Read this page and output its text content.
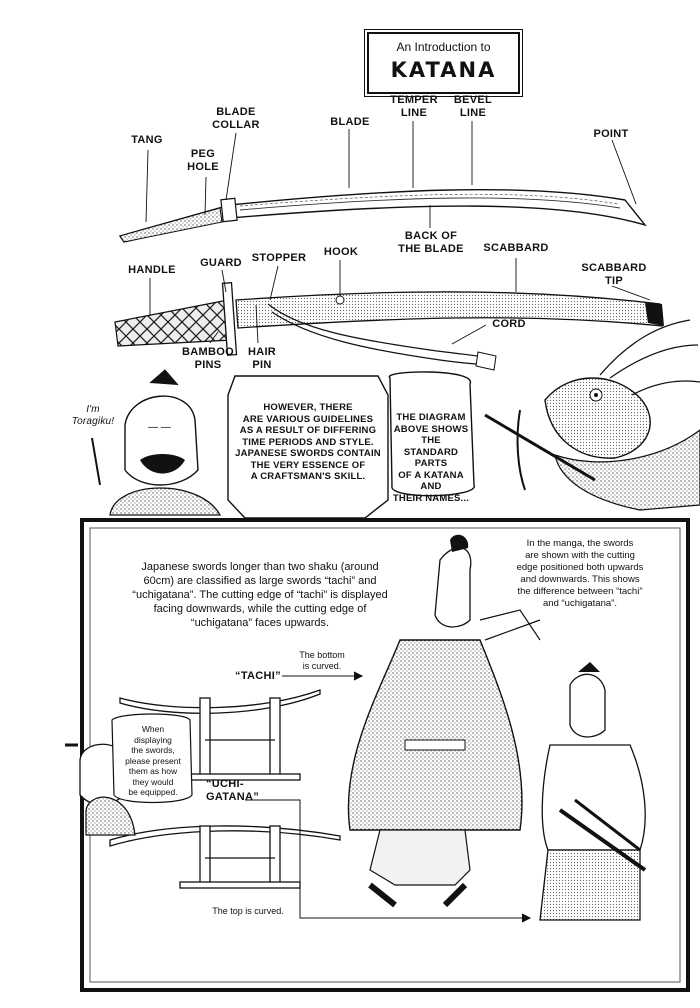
An Introduction to
KATANA
— —
TANG
PEG
HOLE
BLADE
COLLAR	BLADE
TEMPER
LINE
BEVEL
LINE
POINT
BACK OF
THE BLADE
HANDLE
GUARD STOPPER	HOOK	SCABBARD
SCABBARD
TIP
CORD
BAMBOO
PINS
HAIR
PIN
I'm
Toragiku!
HOWEVER, THERE
ARE VARIOUS GUIDELINES
AS A RESULT OF DIFFERING
TIME PERIODS AND STYLE.
JAPANESE SWORDS CONTAIN
THE VERY ESSENCE OF
A CRAFTSMAN'S SKILL.
THE DIAGRAM
ABOVE SHOWS THE
STANDARD PARTS
OF A KATANA AND
THEIR NAMES...
Japanese swords longer than two shaku (around
60cm) are classified as large swords “tachi” and
“uchigatana”. The cutting edge of “tachi” is displayed
facing downwards, while the cutting edge of
“uchigatana” faces upwards.
In the manga, the swords
are shown with the cutting
edge positioned both upwards
and downwards. This shows
the difference between “tachi”
and “uchigatana”.
“TACHI”
The bottom
is curved.
“UCHI-
GATANA”
The top is curved.
When
displaying
the swords,
please present
them as how
they would
be equipped.
